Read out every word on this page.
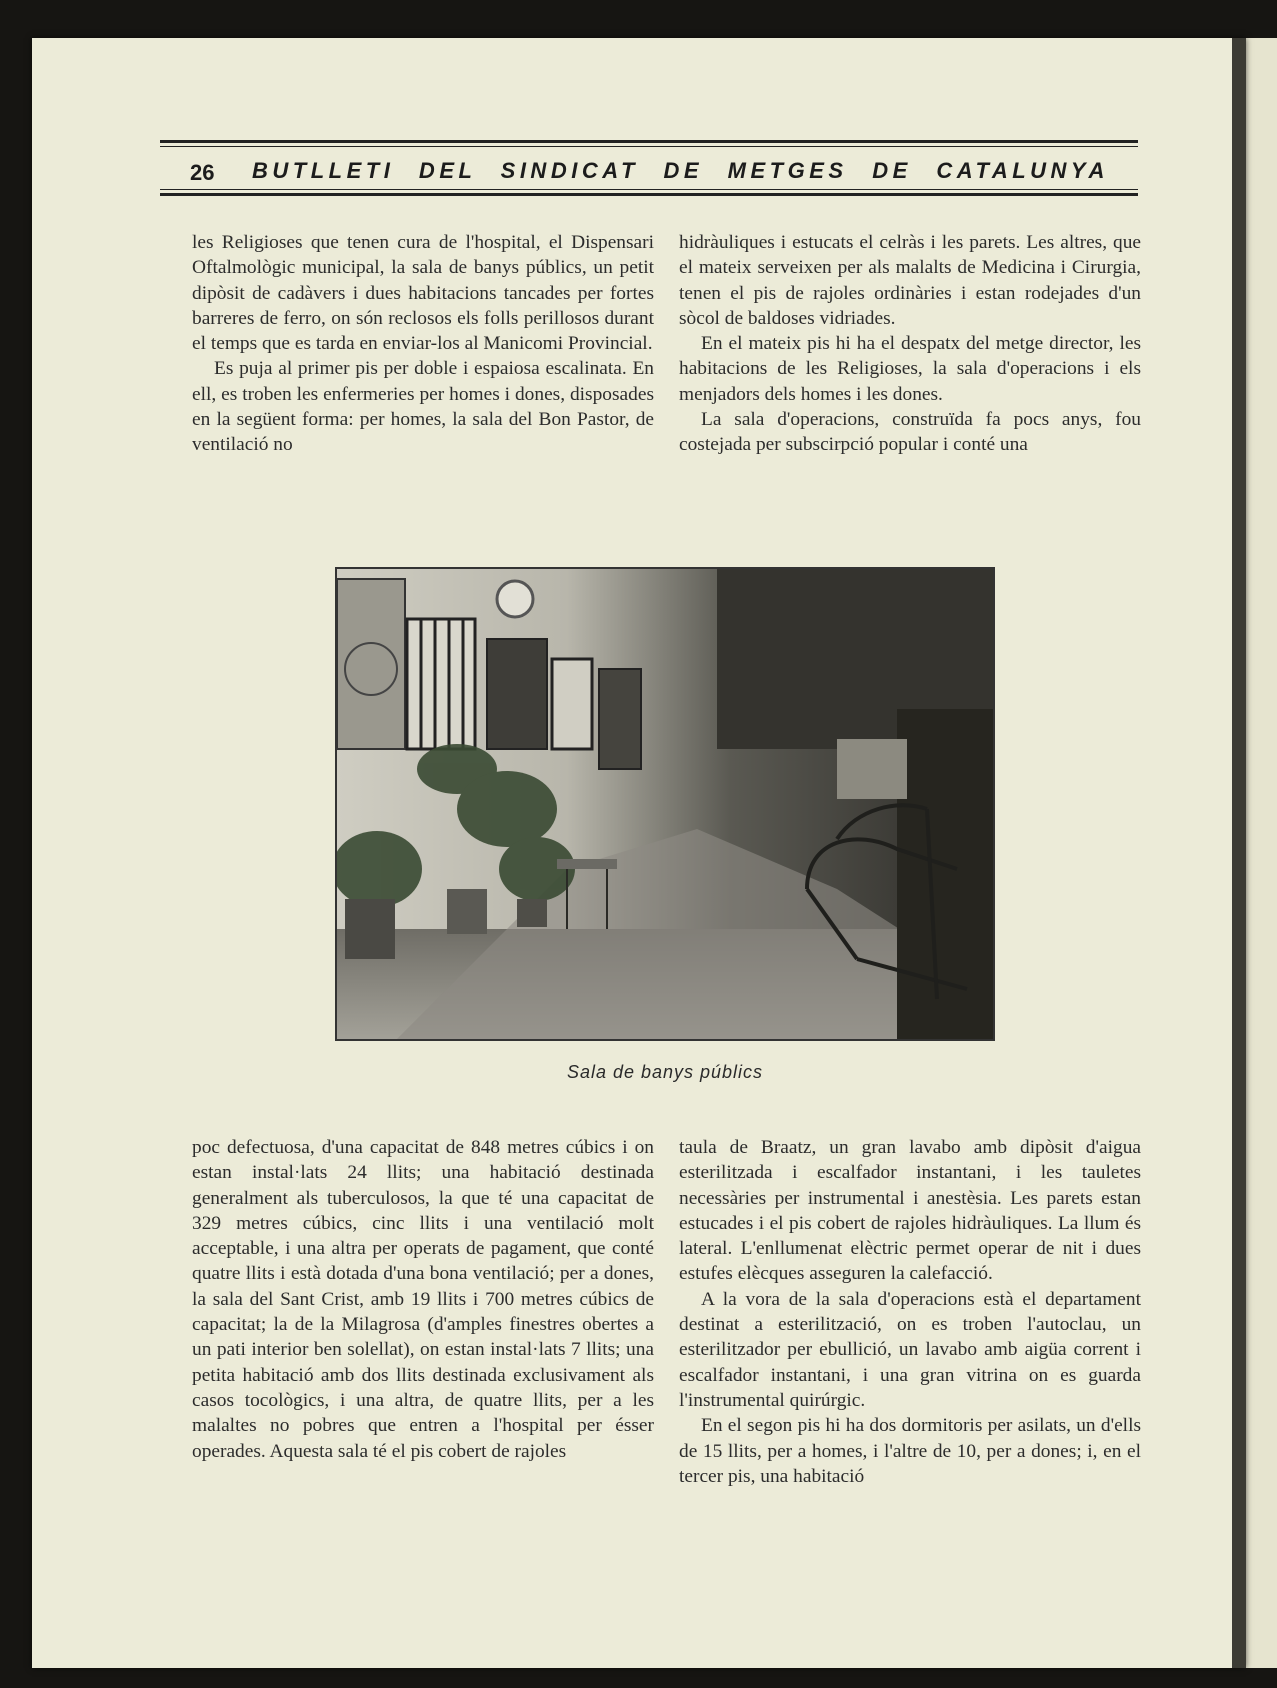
26 BUTLLETI DEL SINDICAT DE METGES DE CATALUNYA

les Religioses que tenen cura de l'hospital, el Dispensari Oftalmològic municipal, la sala de banys públics, un petit dipòsit de cadàvers i dues habitacions tancades per fortes barreres de ferro, on són reclosos els folls perillosos durant el temps que es tarda en enviar-los al Manicomi Provincial.

Es puja al primer pis per doble i espaiosa escalinata. En ell, es troben les enfermeries per homes i dones, disposades en la següent forma: per homes, la sala del Bon Pastor, de ventilació no

hidràuliques i estucats el celràs i les parets. Les altres, que el mateix serveixen per als malalts de Medicina i Cirurgia, tenen el pis de rajoles ordinàries i estan rodejades d'un sòcol de baldoses vidriades.

En el mateix pis hi ha el despatx del metge director, les habitacions de les Religioses, la sala d'operacions i els menjadors dels homes i les dones.

La sala d'operacions, construïda fa pocs anys, fou costejada per subscirpció popular i conté una

Sala de banys públics

poc defectuosa, d'una capacitat de 848 metres cúbics i on estan instal·lats 24 llits; una habitació destinada generalment als tuberculosos, la que té una capacitat de 329 metres cúbics, cinc llits i una ventilació molt acceptable, i una altra per operats de pagament, que conté quatre llits i està dotada d'una bona ventilació; per a dones, la sala del Sant Crist, amb 19 llits i 700 metres cúbics de capacitat; la de la Milagrosa (d'amples finestres obertes a un pati interior ben solellat), on estan instal·lats 7 llits; una petita habitació amb dos llits destinada exclusivament als casos tocològics, i una altra, de quatre llits, per a les malaltes no pobres que entren a l'hospital per ésser operades. Aquesta sala té el pis cobert de rajoles

taula de Braatz, un gran lavabo amb dipòsit d'aigua esterilitzada i escalfador instantani, i les tauletes necessàries per instrumental i anestèsia. Les parets estan estucades i el pis cobert de rajoles hidràuliques. La llum és lateral. L'enllumenat elèctric permet operar de nit i dues estufes elècques asseguren la calefacció.

A la vora de la sala d'operacions està el departament destinat a esterilització, on es troben l'autoclau, un esterilitzador per ebullició, un lavabo amb aigüa corrent i escalfador instantani, i una gran vitrina on es guarda l'instrumental quirúrgic.

En el segon pis hi ha dos dormitoris per asilats, un d'ells de 15 llits, per a homes, i l'altre de 10, per a dones; i, en el tercer pis, una habitació
